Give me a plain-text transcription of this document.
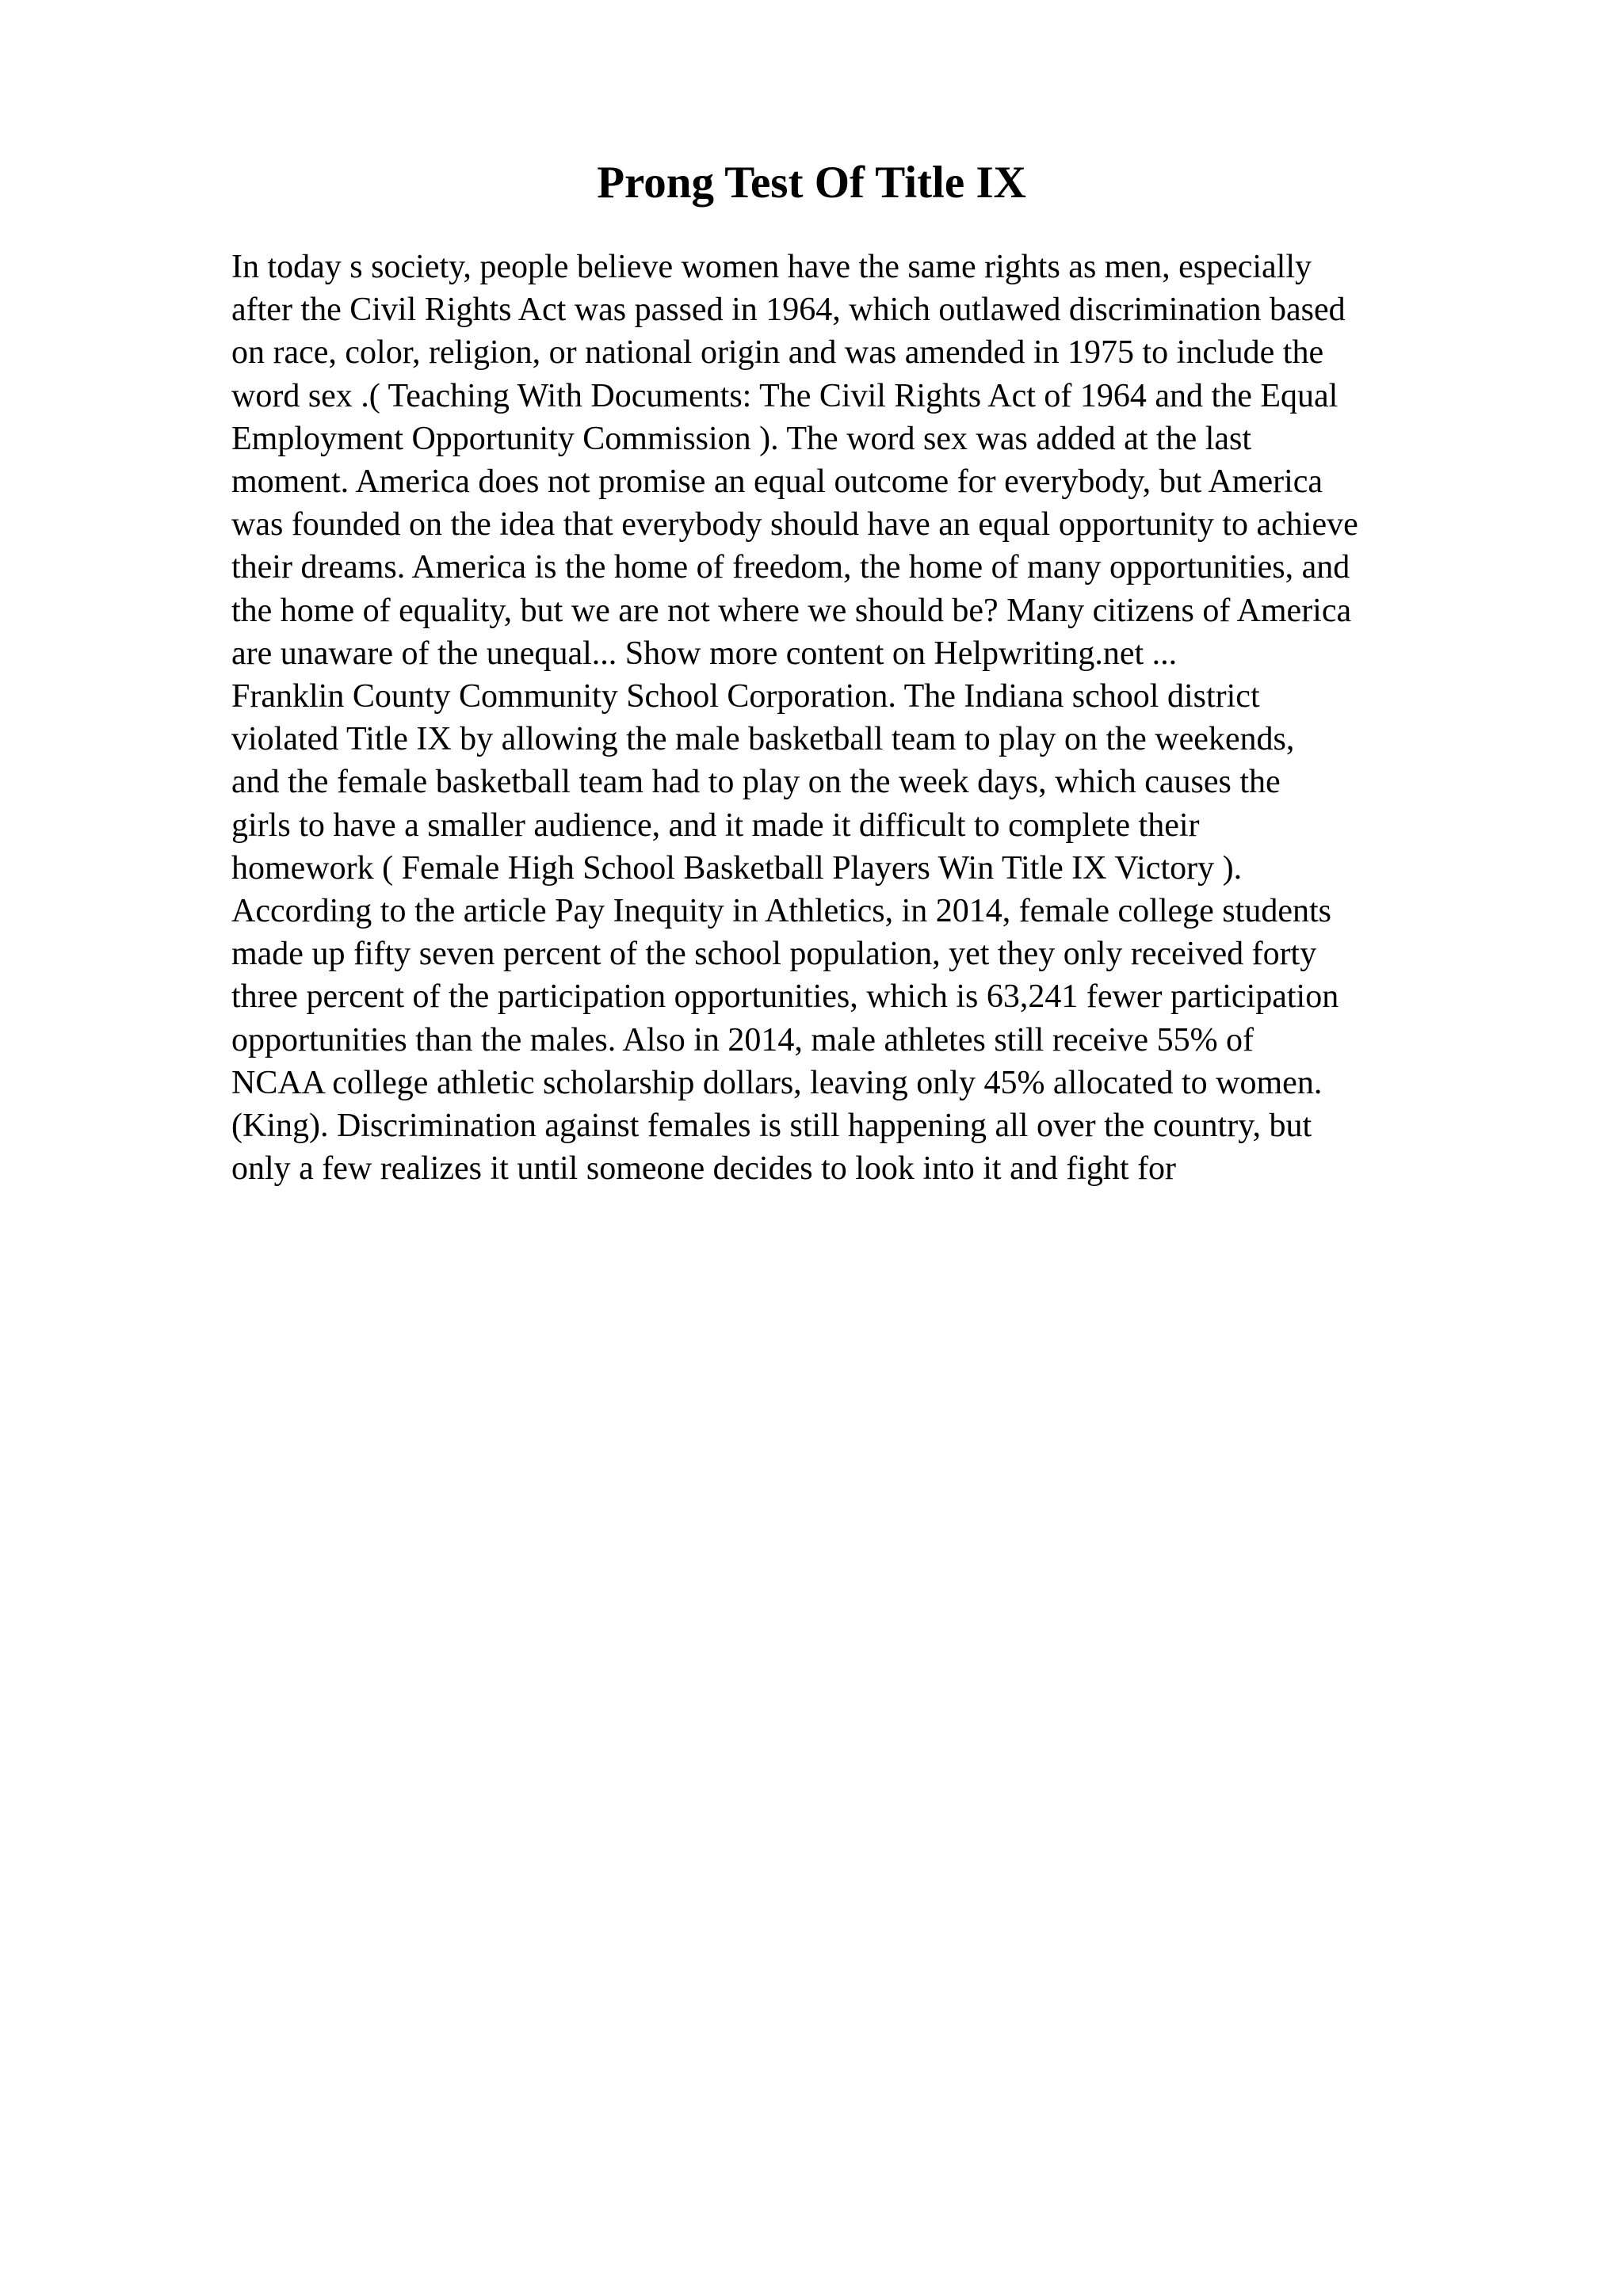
Prong Test Of Title IX
In today s society, people believe women have the same rights as men, especially
after the Civil Rights Act was passed in 1964, which outlawed discrimination based
on race, color, religion, or national origin and was amended in 1975 to include the
word sex .( Teaching With Documents: The Civil Rights Act of 1964 and the Equal
Employment Opportunity Commission ). The word sex was added at the last
moment. America does not promise an equal outcome for everybody, but America
was founded on the idea that everybody should have an equal opportunity to achieve
their dreams. America is the home of freedom, the home of many opportunities, and
the home of equality, but we are not where we should be? Many citizens of America
are unaware of the unequal... Show more content on Helpwriting.net ...
Franklin County Community School Corporation. The Indiana school district
violated Title IX by allowing the male basketball team to play on the weekends,
and the female basketball team had to play on the week days, which causes the
girls to have a smaller audience, and it made it difficult to complete their
homework ( Female High School Basketball Players Win Title IX Victory ).
According to the article Pay Inequity in Athletics, in 2014, female college students
made up fifty seven percent of the school population, yet they only received forty
three percent of the participation opportunities, which is 63,241 fewer participation
opportunities than the males. Also in 2014, male athletes still receive 55% of
NCAA college athletic scholarship dollars, leaving only 45% allocated to women.
(King). Discrimination against females is still happening all over the country, but
only a few realizes it until someone decides to look into it and fight for
